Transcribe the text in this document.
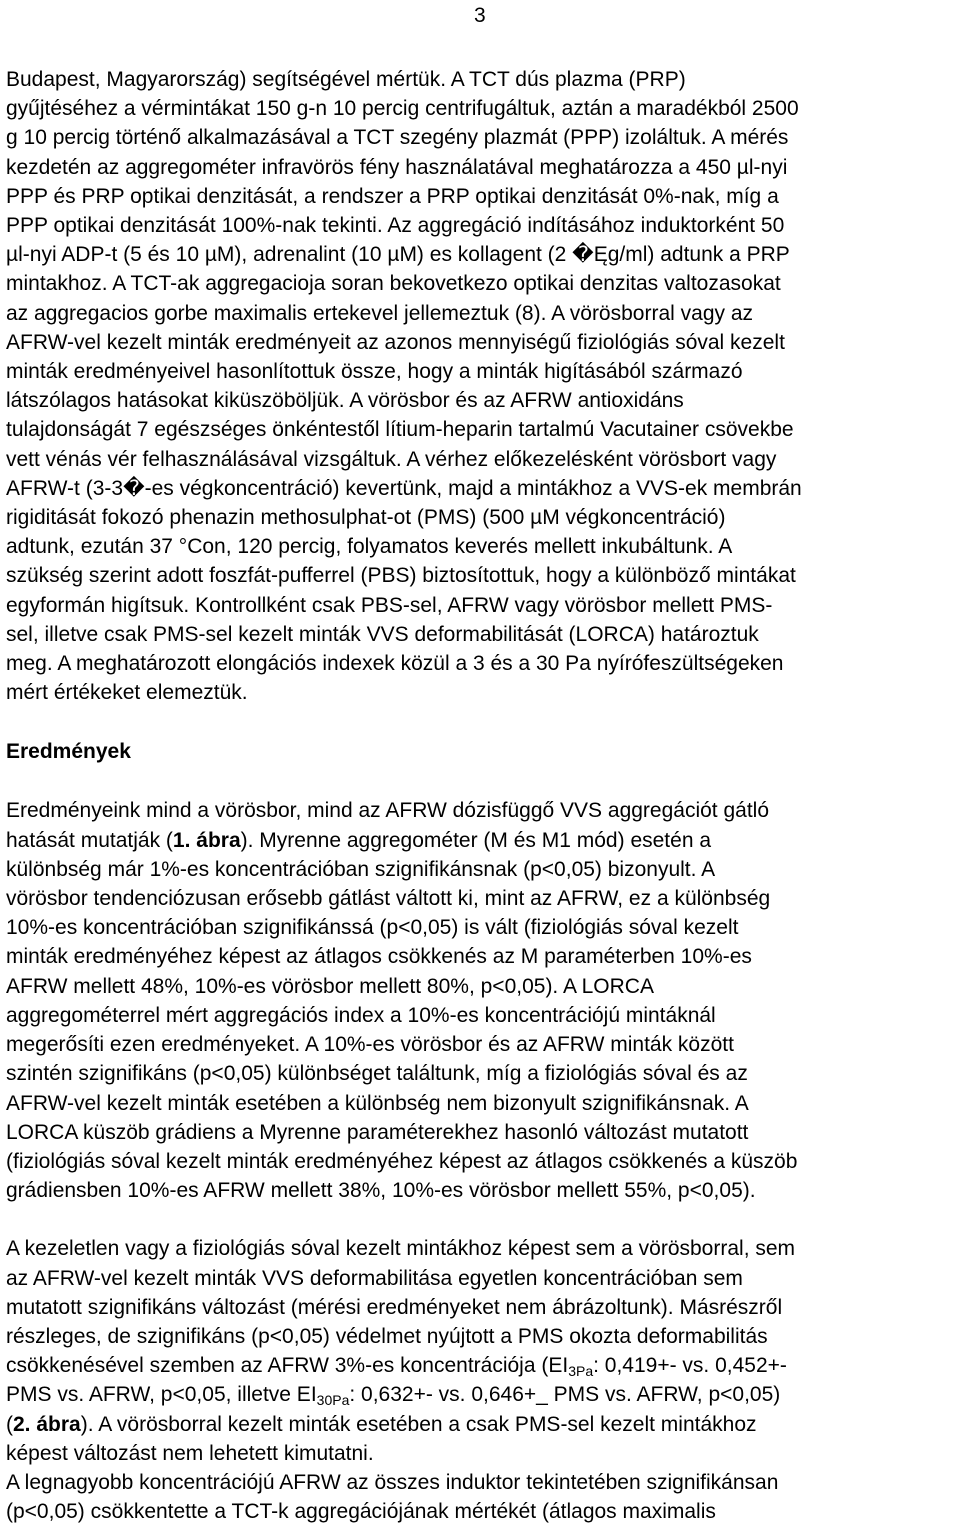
3

Budapest, Magyarország) segítségével mértük. A TCT dús plazma (PRP)
gyűjtéséhez a vérmintákat 150 g-n 10 percig centrifugáltuk, aztán a maradékból 2500
g 10 percig történő alkalmazásával a TCT szegény plazmát (PPP) izoláltuk. A mérés
kezdetén az aggregométer infravörös fény használatával meghatározza a 450 µl-nyi
PPP és PRP optikai denzitását, a rendszer a PRP optikai denzitását 0%-nak, míg a
PPP optikai denzitását 100%-nak tekinti. Az aggregáció indításához induktorként 50
µl-nyi ADP-t (5 és 10 µM), adrenalint (10 µM) es kollagent (2 �Ęg/ml) adtunk a PRP
mintakhoz. A TCT-ak aggregacioja soran bekovetkezo optikai denzitas valtozasokat
az aggregacios gorbe maximalis ertekevel jellemeztuk (8). A vörösborral vagy az
AFRW-vel kezelt minták eredményeit az azonos mennyiségű fiziológiás sóval kezelt
minták eredményeivel hasonlítottuk össze, hogy a minták higításából származó
látszólagos hatásokat kiküszöböljük. A vörösbor és az AFRW antioxidáns
tulajdonságát 7 egészséges önkéntestől lítium-heparin tartalmú Vacutainer csövekbe
vett vénás vér felhasználásával vizsgáltuk. A vérhez előkezelésként vörösbort vagy
AFRW-t (3-3�-es végkoncentráció) kevertünk, majd a mintákhoz a VVS-ek membrán
rigiditását fokozó phenazin methosulphat-ot (PMS) (500 µM végkoncentráció)
adtunk, ezután 37 °Con, 120 percig, folyamatos keverés mellett inkubáltunk. A
szükség szerint adott foszfát-pufferrel (PBS) biztosítottuk, hogy a különböző mintákat
egyformán higítsuk. Kontrollként csak PBS-sel, AFRW vagy vörösbor mellett PMS-
sel, illetve csak PMS-sel kezelt minták VVS deformabilitását (LORCA) határoztuk
meg. A meghatározott elongációs indexek közül a 3 és a 30 Pa nyírófeszültségeken
mért értékeket elemeztük.

Eredmények

Eredményeink mind a vörösbor, mind az AFRW dózisfüggő VVS aggregációt gátló
hatását mutatják (1. ábra). Myrenne aggregométer (M és M1 mód) esetén a
különbség már 1%-es koncentrációban szignifikánsnak (p<0,05) bizonyult. A
vörösbor tendenciózusan erősebb gátlást váltott ki, mint az AFRW, ez a különbség
10%-es koncentrációban szignifikánssá (p<0,05) is vált (fiziológiás sóval kezelt
minták eredményéhez képest az átlagos csökkenés az M paraméterben 10%-es
AFRW mellett 48%, 10%-es vörösbor mellett 80%, p<0,05). A LORCA
aggregométerrel mért aggregációs index a 10%-es koncentrációjú mintáknál
megerősíti ezen eredményeket. A 10%-es vörösbor és az AFRW minták között
szintén szignifikáns (p<0,05) különbséget találtunk, míg a fiziológiás sóval és az
AFRW-vel kezelt minták esetében a különbség nem bizonyult szignifikánsnak. A
LORCA küszöb grádiens a Myrenne paraméterekhez hasonló változást mutatott
(fiziológiás sóval kezelt minták eredményéhez képest az átlagos csökkenés a küszöb
grádiensben 10%-es AFRW mellett 38%, 10%-es vörösbor mellett 55%, p<0,05).

A kezeletlen vagy a fiziológiás sóval kezelt mintákhoz képest sem a vörösborral, sem
az AFRW-vel kezelt minták VVS deformabilitása egyetlen koncentrációban sem
mutatott szignifikáns változást (mérési eredményeket nem ábrázoltunk). Másrészről
részleges, de szignifikáns (p<0,05) védelmet nyújtott a PMS okozta deformabilitás
csökkenésével szemben az AFRW 3%-es koncentrációja ($EI_{3Pa}$: 0,419+- vs. 0,452+-
PMS vs. AFRW, p<0,05, illetve $EI_{30Pa}$: 0,632+- vs. 0,646+_ PMS vs. AFRW, p<0,05)
(2. ábra). A vörösborral kezelt minták esetében a csak PMS-sel kezelt mintákhoz
képest változást nem lehetett kimutatni.

A legnagyobb koncentrációjú AFRW az összes induktor tekintetében szignifikánsan
(p<0,05) csökkentette a TCT-k aggregációjának mértékét (átlagos maximalis
